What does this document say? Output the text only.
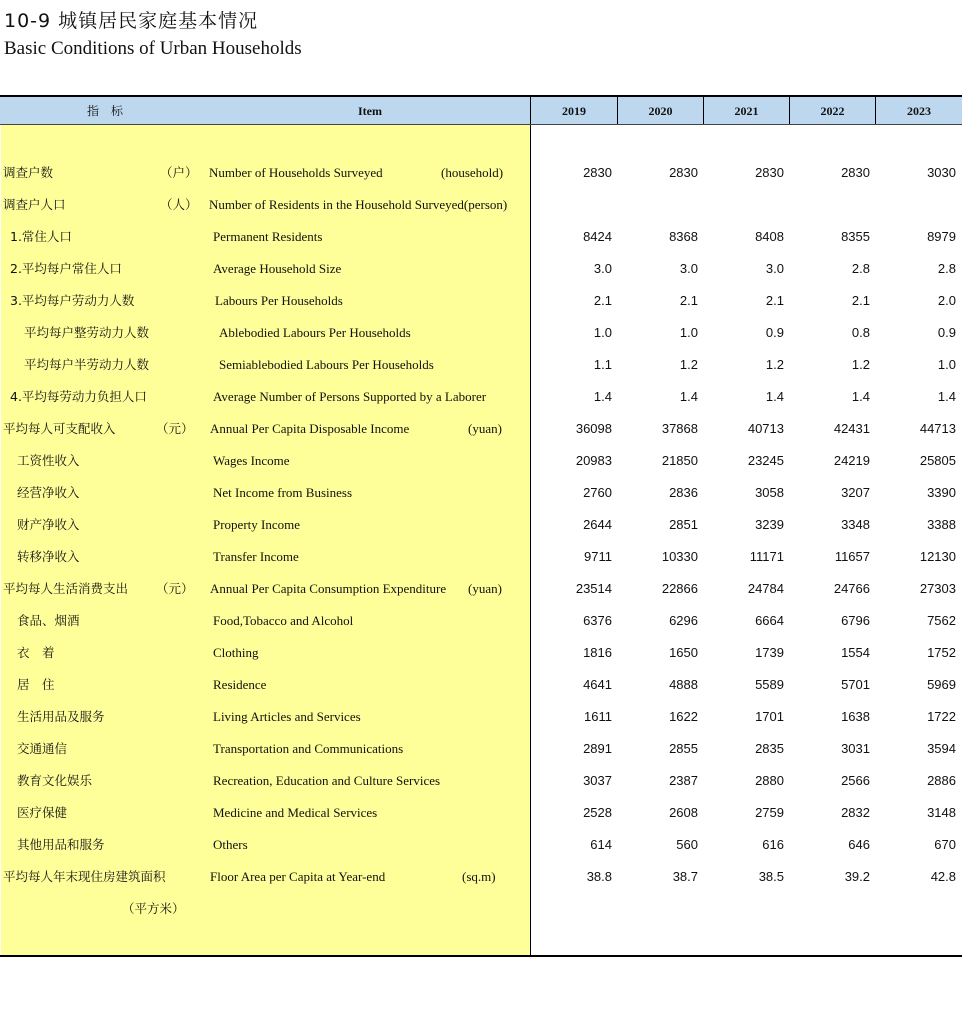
10-9 城镇居民家庭基本情况
Basic Conditions of Urban Households
指　标	Item	2019	2020	2021	2022	2023
调查户数	（户） Number of Households Surveyed	(household)	2830	2830	2830	2830	3030
调查户人口	（人） Number of Residents in the Household Surveyed(person)
1.常住人口	Permanent Residents	8424	8368	8408	8355	8979
2.平均每户常住人口	Average Household Size	3.0	3.0	3.0	2.8	2.8
3.平均每户劳动力人数	Labours Per Households	2.1	2.1	2.1	2.1	2.0
平均每户整劳动力人数	Ablebodied Labours Per Households	1.0	1.0	0.9	0.8	0.9
平均每户半劳动力人数	Semiablebodied Labours Per Households	1.1	1.2	1.2	1.2	1.0
4.平均每劳动力负担人口	Average Number of Persons Supported by a Laborer	1.4	1.4	1.4	1.4	1.4
平均每人可支配收入	（元） Annual Per Capita Disposable Income	(yuan)	36098	37868	40713	42431	44713
工资性收入	Wages Income	20983	21850	23245	24219	25805
经营净收入	Net Income from Business	2760	2836	3058	3207	3390
财产净收入	Property Income	2644	2851	3239	3348	3388
转移净收入	Transfer Income	9711	10330	11171	11657	12130
平均每人生活消费支出 （元） Annual Per Capita Consumption Expenditure (yuan)	23514	22866	24784	24766	27303
食品、烟酒	Food,Tobacco and Alcohol	6376	6296	6664	6796	7562
衣　着	Clothing	1816	1650	1739	1554	1752
居　住	Residence	4641	4888	5589	5701	5969
生活用品及服务	Living Articles and Services	1611	1622	1701	1638	1722
交通通信	Transportation and Communications	2891	2855	2835	3031	3594
教育文化娱乐	Recreation, Education and Culture Services	3037	2387	2880	2566	2886
医疗保健	Medicine and Medical Services	2528	2608	2759	2832	3148
其他用品和服务	Others	614	560	616	646	670
平均每人年末现住房建筑面积	Floor Area per Capita at Year-end	(sq.m)	38.8	38.7	38.5	39.2	42.8
（平方米）
